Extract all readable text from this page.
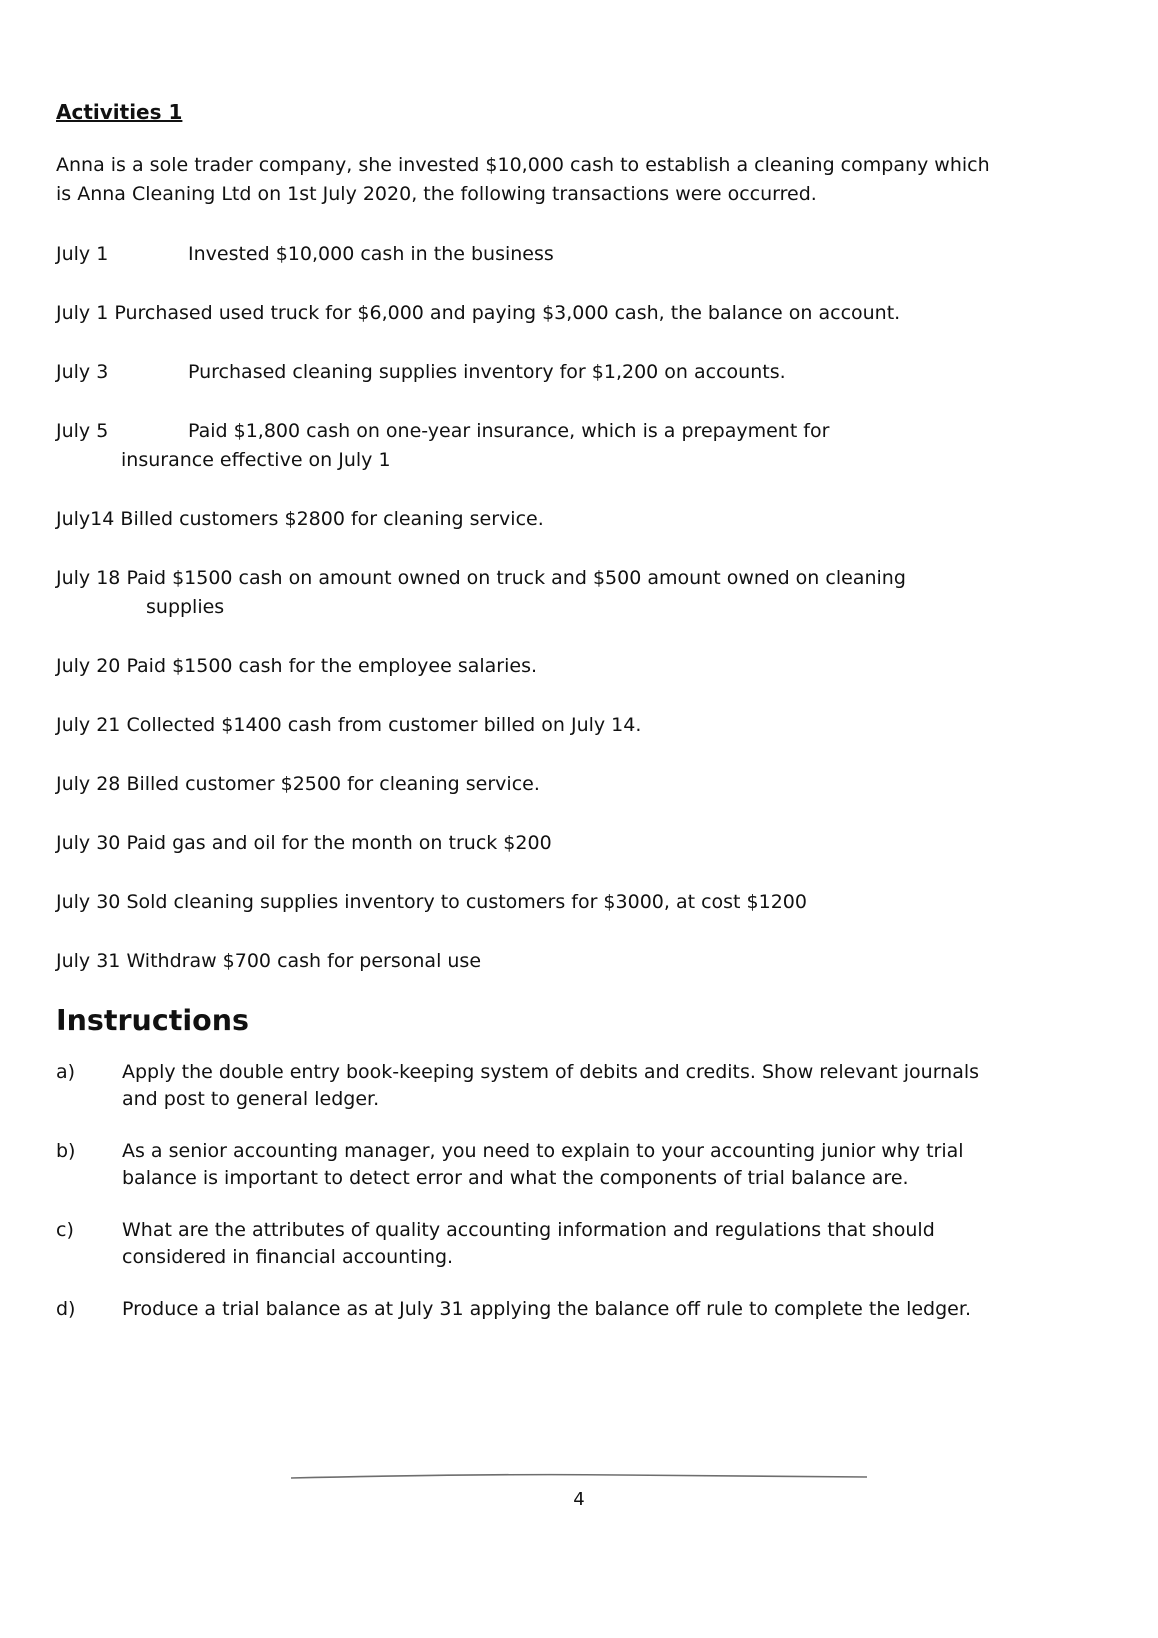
Activities 1

Anna is a sole trader company, she invested $10,000 cash to establish a cleaning company which is Anna Cleaning Ltd on 1st July 2020, the following transactions were occurred.

July 1	Invested $10,000 cash in the business

July 1 Purchased used truck for $6,000 and paying $3,000 cash, the balance on account.

July 3	Purchased cleaning supplies inventory for $1,200 on accounts.

July 5	Paid $1,800 cash on one-year insurance, which is a prepayment for
insurance effective on July 1

July14 Billed customers $2800 for cleaning service.

July 18 Paid $1500 cash on amount owned on truck and $500 amount owned on cleaning
supplies

July 20 Paid $1500 cash for the employee salaries.

July 21 Collected $1400 cash from customer billed on July 14.

July 28 Billed customer $2500 for cleaning service.

July 30 Paid gas and oil for the month on truck $200

July 30 Sold cleaning supplies inventory to customers for $3000, at cost $1200

July 31 Withdraw $700 cash for personal use

Instructions
a)	Apply the double entry book-keeping system of debits and credits. Show relevant journals and post to general ledger.
b)	As a senior accounting manager, you need to explain to your accounting junior why trial balance is important to detect error and what the components of trial balance are.
c)	What are the attributes of quality accounting information and regulations that should considered in financial accounting.

d) Produce a trial balance as at July 31 applying the balance off rule to complete the ledger.

4
